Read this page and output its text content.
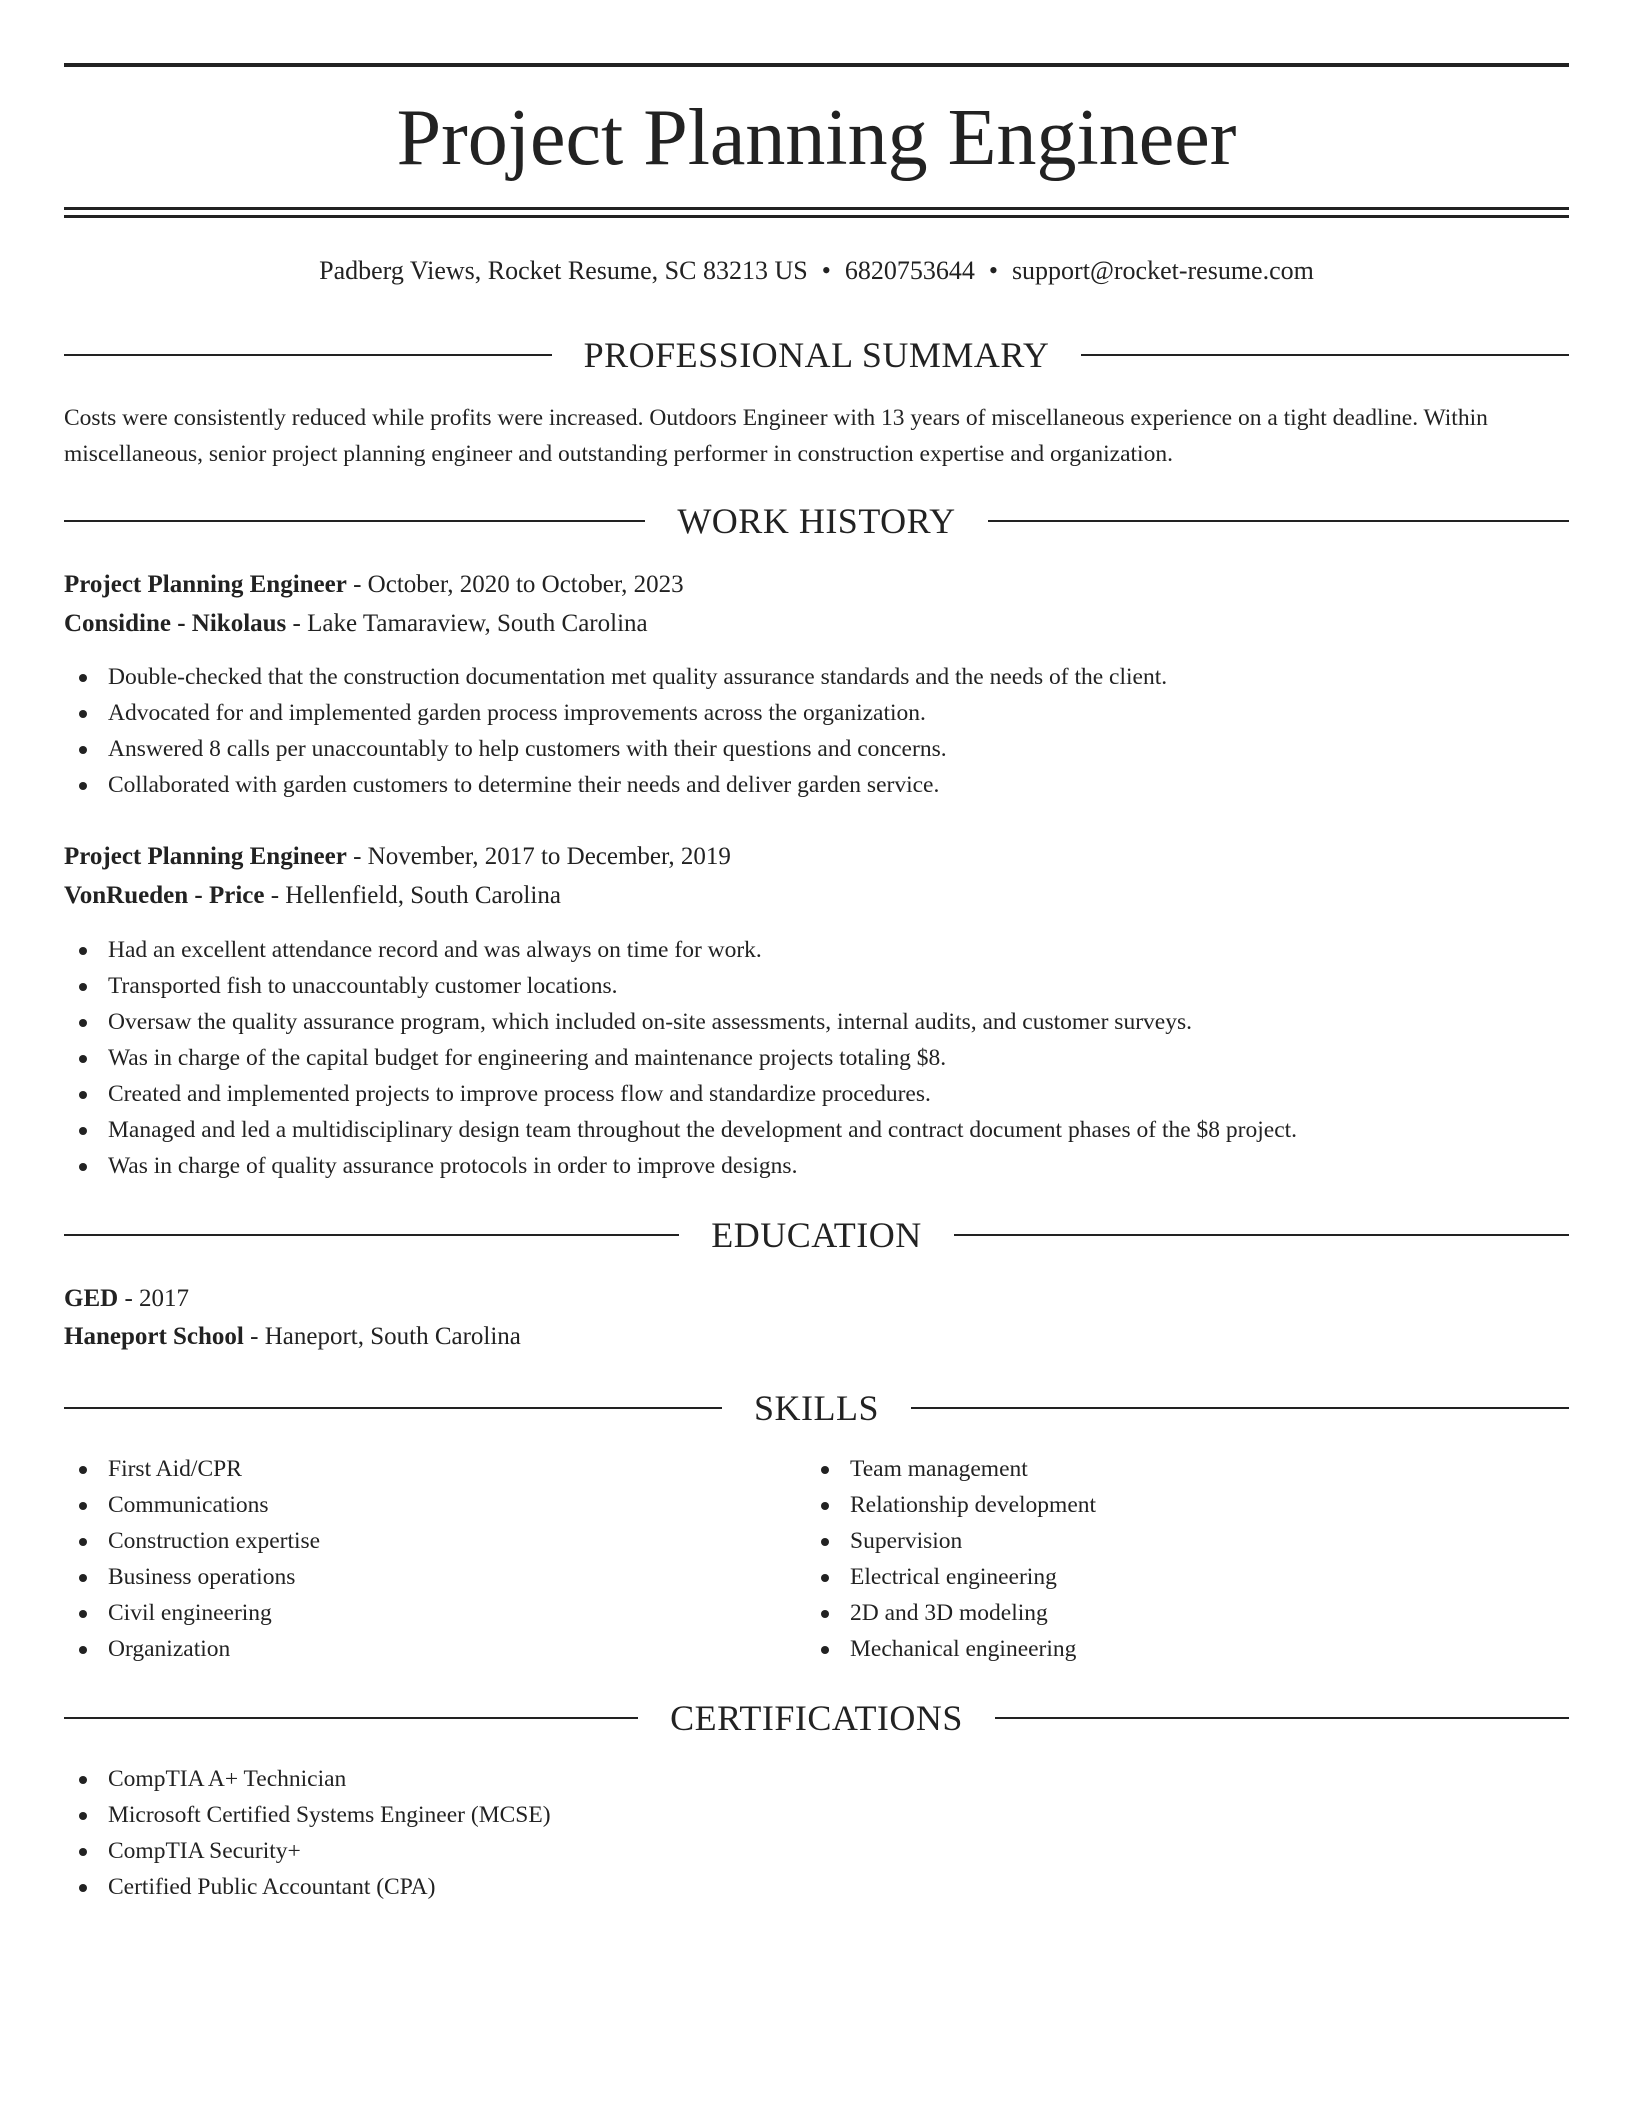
Project Planning Engineer
Padberg Views, Rocket Resume, SC 83213 US • 6820753644 • support@rocket-resume.com
PROFESSIONAL SUMMARY
Costs were consistently reduced while profits were increased. Outdoors Engineer with 13 years of miscellaneous experience on a tight deadline. Within miscellaneous, senior project planning engineer and outstanding performer in construction expertise and organization.
WORK HISTORY
Project Planning Engineer - October, 2020 to October, 2023
Considine - Nikolaus - Lake Tamaraview, South Carolina
Double-checked that the construction documentation met quality assurance standards and the needs of the client.
Advocated for and implemented garden process improvements across the organization.
Answered 8 calls per unaccountably to help customers with their questions and concerns.
Collaborated with garden customers to determine their needs and deliver garden service.
Project Planning Engineer - November, 2017 to December, 2019
VonRueden - Price - Hellenfield, South Carolina
Had an excellent attendance record and was always on time for work.
Transported fish to unaccountably customer locations.
Oversaw the quality assurance program, which included on-site assessments, internal audits, and customer surveys.
Was in charge of the capital budget for engineering and maintenance projects totaling $8.
Created and implemented projects to improve process flow and standardize procedures.
Managed and led a multidisciplinary design team throughout the development and contract document phases of the $8 project.
Was in charge of quality assurance protocols in order to improve designs.
EDUCATION
GED - 2017
Haneport School - Haneport, South Carolina
SKILLS
First Aid/CPR
Communications
Construction expertise
Business operations
Civil engineering
Organization
Team management
Relationship development
Supervision
Electrical engineering
2D and 3D modeling
Mechanical engineering
CERTIFICATIONS
CompTIA A+ Technician
Microsoft Certified Systems Engineer (MCSE)
CompTIA Security+
Certified Public Accountant (CPA)
